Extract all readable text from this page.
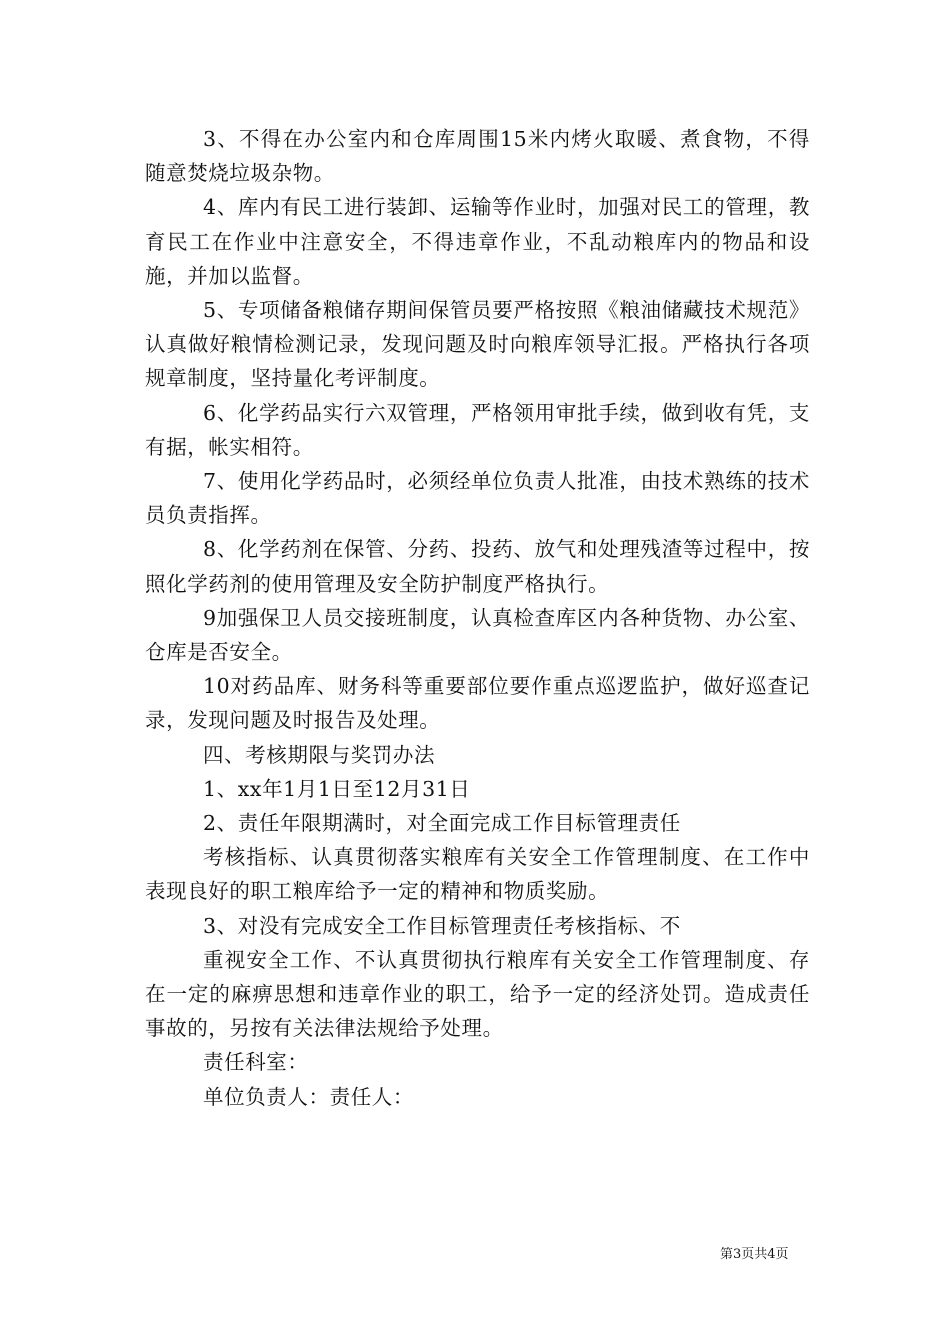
3、不得在办公室内和仓库周围15米内烤火取暖、煮食物，不得随意焚烧垃圾杂物。

4、库内有民工进行装卸、运输等作业时，加强对民工的管理，教育民工在作业中注意安全，不得违章作业，不乱动粮库内的物品和设施，并加以监督。

5、专项储备粮储存期间保管员要严格按照《粮油储藏技术规范》认真做好粮情检测记录，发现问题及时向粮库领导汇报。严格执行各项规章制度，坚持量化考评制度。

6、化学药品实行六双管理，严格领用审批手续，做到收有凭，支有据，帐实相符。

7、使用化学药品时，必须经单位负责人批准，由技术熟练的技术员负责指挥。

8、化学药剂在保管、分药、投药、放气和处理残渣等过程中，按照化学药剂的使用管理及安全防护制度严格执行。

9加强保卫人员交接班制度，认真检查库区内各种货物、办公室、仓库是否安全。

10对药品库、财务科等重要部位要作重点巡逻监护，做好巡查记录，发现问题及时报告及处理。

四、考核期限与奖罚办法

1、xx年1月1日至12月31日

2、责任年限期满时，对全面完成工作目标管理责任

考核指标、认真贯彻落实粮库有关安全工作管理制度、在工作中表现良好的职工粮库给予一定的精神和物质奖励。

3、对没有完成安全工作目标管理责任考核指标、不

重视安全工作、不认真贯彻执行粮库有关安全工作管理制度、存在一定的麻痹思想和违章作业的职工，给予一定的经济处罚。造成责任事故的，另按有关法律法规给予处理。

责任科室：

单位负责人：责任人：

第3页共4页
